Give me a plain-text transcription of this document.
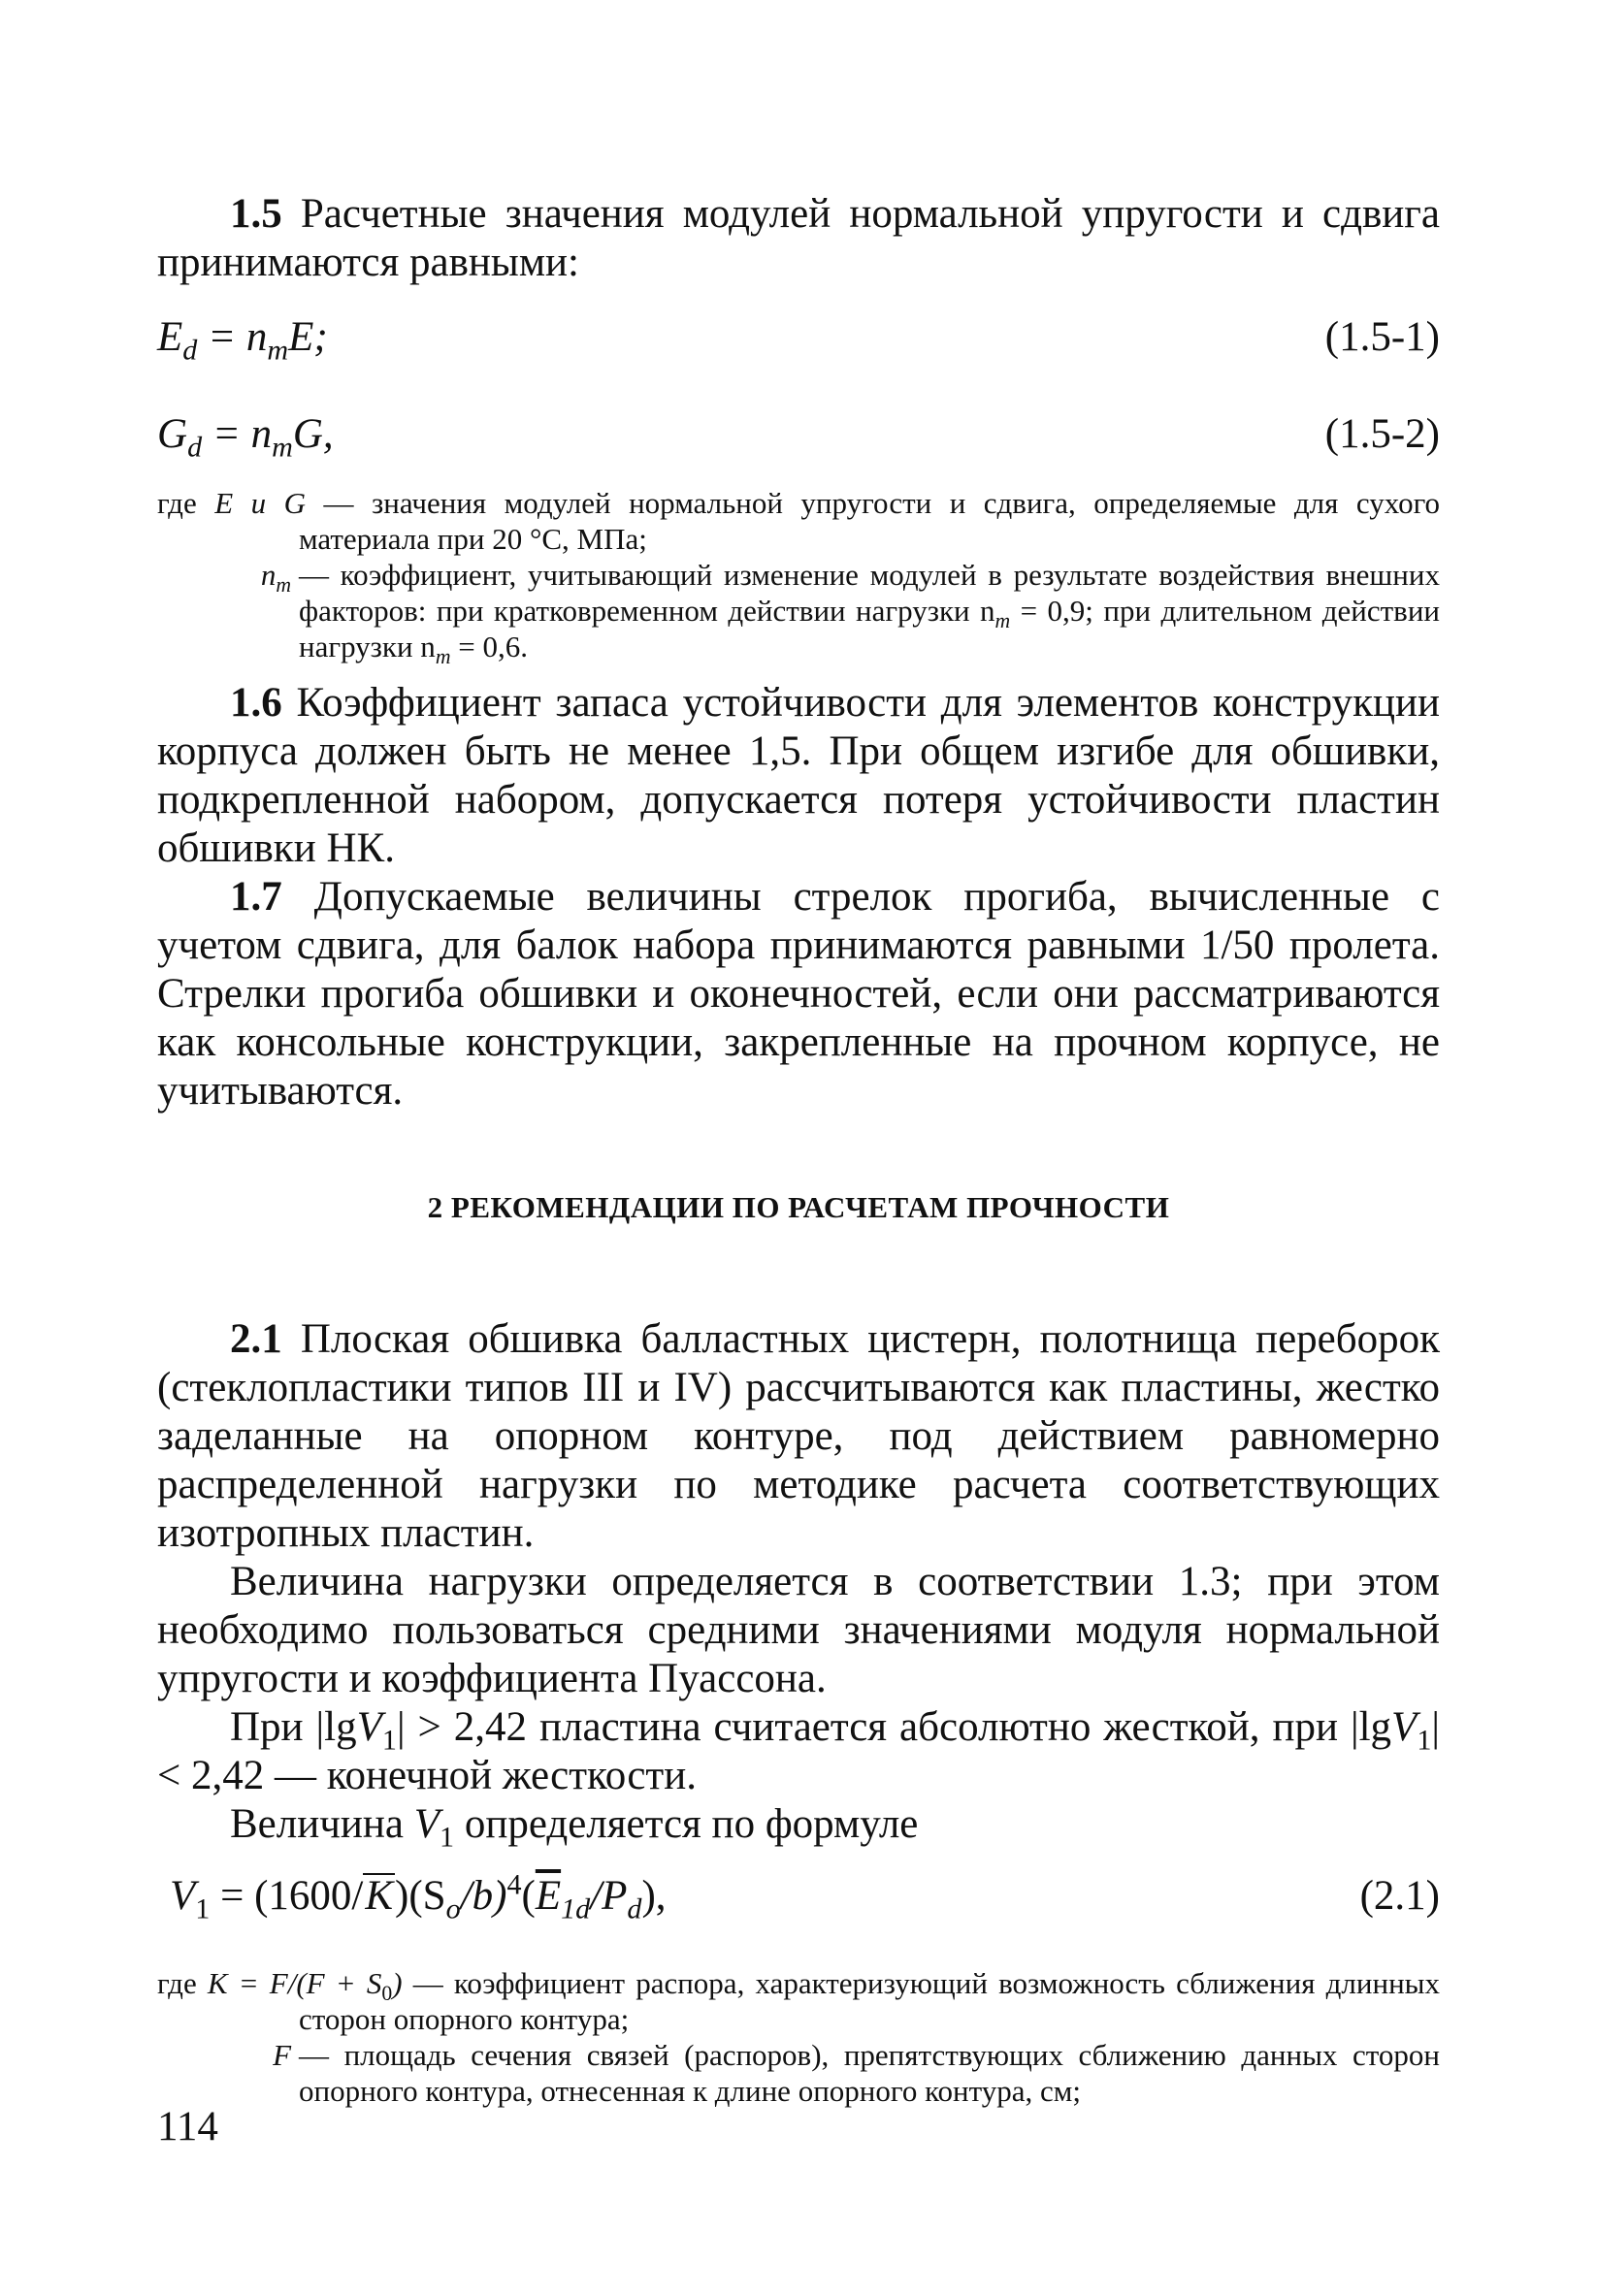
1.5 Расчетные значения модулей нормальной упругости и сдвига принимаются равными:

$E_d = n_mE$;	(1.5-1)
$G_d = n_mG$,	(1.5-2)

где E и G — значения модулей нормальной упругости и сдвига, определяемые для сухого материала при 20 °С, МПа;

$n_m$ — коэффициент, учитывающий изменение модулей в результате воздействия внешних факторов: при кратковременном действии нагрузки $n_m = 0,9$; при длительном действии нагрузки $n_m = 0,6$.

1.6 Коэффициент запаса устойчивости для элементов конструкции корпуса должен быть не менее 1,5. При общем изгибе для обшивки, подкрепленной набором, допускается потеря устойчивости пластин обшивки НК.

1.7 Допускаемые величины стрелок прогиба, вычисленные с учетом сдвига, для балок набора принимаются равными 1/50 пролета. Стрелки прогиба обшивки и оконечностей, если они рассматриваются как консольные конструкции, закрепленные на прочном корпусе, не учитываются.

2 РЕКОМЕНДАЦИИ ПО РАСЧЕТАМ ПРОЧНОСТИ

2.1 Плоская обшивка балластных цистерн, полотнища переборок (стеклопластики типов III и IV) рассчитываются как пластины, жестко заделанные на опорном контуре, под действием равномерно распределенной нагрузки по методике расчета соответствующих изотропных пластин.

Величина нагрузки определяется в соответствии 1.3; при этом необходимо пользоваться средними значениями модуля нормальной упругости и коэффициента Пуассона.

При |lgV$_1$| > 2,42 пластина считается абсолютно жесткой, при |lgV$_1$| < 2,42 — конечной жесткости.

Величина $V_1$ определяется по формуле

$V_1 = (1600/K)(S_o/b)^4(\overline{E}_{1d}/P_d)$,	(2.1)

где $K = F/(F + S_0)$ — коэффициент распора, характеризующий возможность сближения длинных сторон опорного контура;

F — площадь сечения связей (распоров), препятствующих сближению данных сторон опорного контура, отнесенная к длине опорного контура, см;

114
